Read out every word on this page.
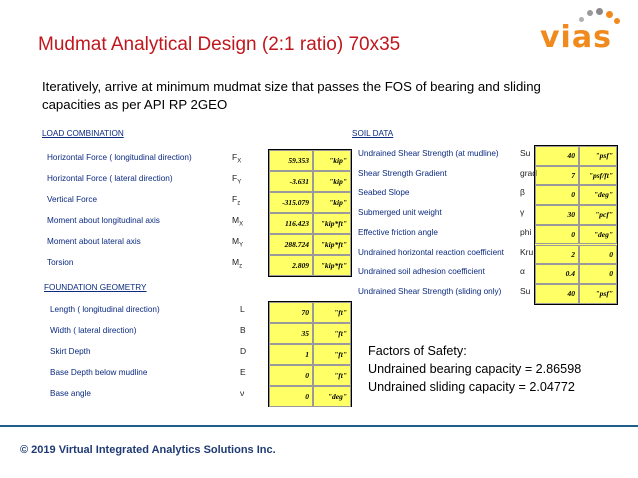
Mudmat Analytical Design (2:1 ratio) 70x35	vias
Iteratively, arrive at minimum mudmat size that passes the FOS of bearing and sliding capacities as per API RP 2GEO
LOAD COMBINATION
FOUNDATION GEOMETRY
SOIL DATA
Horizontal Force ( longitudinal direction)	$F_X$	59.353	"kip"
Horizontal Force ( lateral direction)	$F_Y$	-3.631	"kip"
Vertical Force	$F_z$	-315.079	"kip"
Moment about longitudinal axis	$M_X$	116.423	"kip*ft"
Moment about lateral axis	$M_Y$	288.724	"kip*ft"
Torsion	$M_z$	2.809	"kip*ft"
Length ( longitudinal direction)	L	70	"ft"
Width ( lateral direction)	B	35	"ft"
Skirt Depth	D	1	"ft"
Base Depth below mudline	E	0	"ft"
Base angle	ν	0	"deg"
Undrained Shear Strength (at mudline)	Su	40	"psf"
Shear Strength Gradient	grad	7	"psf/ft"
Seabed Slope	β	0	"deg"
Submerged unit weight	γ	30	"pcf"
Effective friction angle	phi	0	"deg"
Undrained horizontal reaction coefficient Kru	2	0
Undrained soil adhesion coefficient	α	0.4	0
Undrained Shear Strength (sliding only) Su	40	"psf"
Factors of Safety:
Undrained bearing capacity = 2.86598
Undrained sliding capacity = 2.04772
© 2019 Virtual Integrated Analytics Solutions Inc.
